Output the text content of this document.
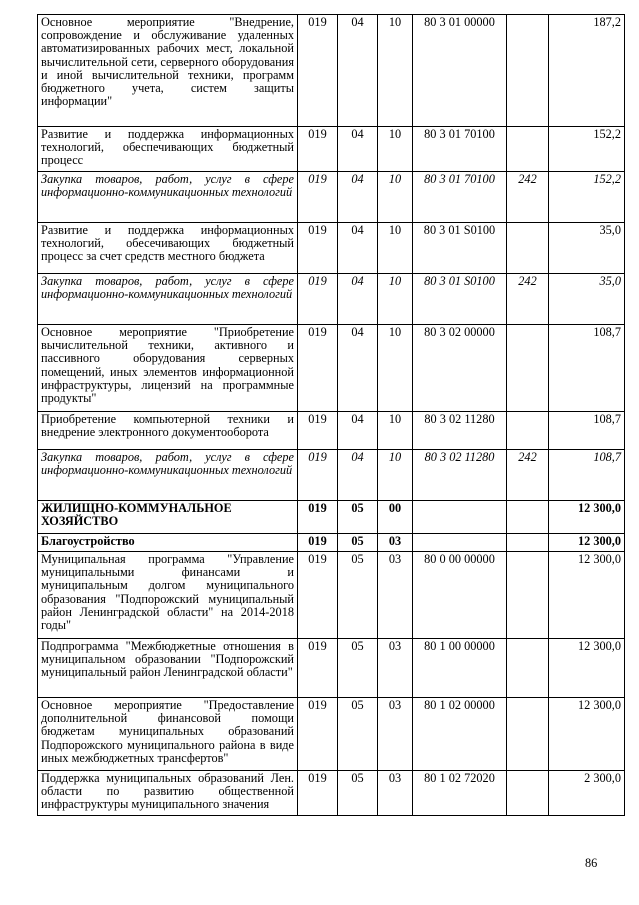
Основное мероприятие "Внедрение, сопровождение и обслуживание удаленных автоматизированных рабочих мест, локальной вычислительной сети, серверного оборудования и иной вычислительной техники, программ бюджетного учета, систем защиты информации"	019	04	10	80 3 01 00000		187,2
Развитие и поддержка информационных технологий, обеспечивающих бюджетный процесс	019	04	10	80 3 01 70100		152,2
Закупка товаров, работ, услуг в сфере информационно-коммуникационных технологий	019	04	10	80 3 01 70100	242	152,2
Развитие и поддержка информационных технологий, обесечивающих бюджетный процесс за счет средств местного бюджета	019	04	10	80 3 01 S0100		35,0
Закупка товаров, работ, услуг в сфере информационно-коммуникационных технологий	019	04	10	80 3 01 S0100	242	35,0
Основное мероприятие "Приобретение вычислительной техники, активного и пассивного оборудования серверных помещений, иных элементов информационной инфраструктуры, лицензий на программные продукты"	019	04	10	80 3 02 00000		108,7
Приобретение компьютерной техники и внедрение электронного документооборота	019	04	10	80 3 02 11280		108,7
Закупка товаров, работ, услуг в сфере информационно-коммуникационных технологий	019	04	10	80 3 02 11280	242	108,7
ЖИЛИЩНО-КОММУНАЛЬНОЕ ХОЗЯЙСТВО	019	05	00			12 300,0
Благоустройство	019	05	03			12 300,0
Муниципальная программа "Управление муниципальными финансами и муниципальным долгом муниципального образования "Подпорожский муниципальный район Ленинградской области" на 2014-2018 годы"	019	05	03	80 0 00 00000		12 300,0
Подпрограмма "Межбюджетные отношения в муниципальном образовании "Подпорожский муниципальный район Ленинградской области"	019	05	03	80 1 00 00000		12 300,0
Основное мероприятие "Предоставление дополнительной финансовой помощи бюджетам муниципальных образований Подпорожского муниципального района в виде иных межбюджетных трансфертов"	019	05	03	80 1 02 00000		12 300,0
Поддержка муниципальных образований Лен. области по развитию общественной инфраструктуры муниципального значения	019	05	03	80 1 02 72020		2 300,0
86
